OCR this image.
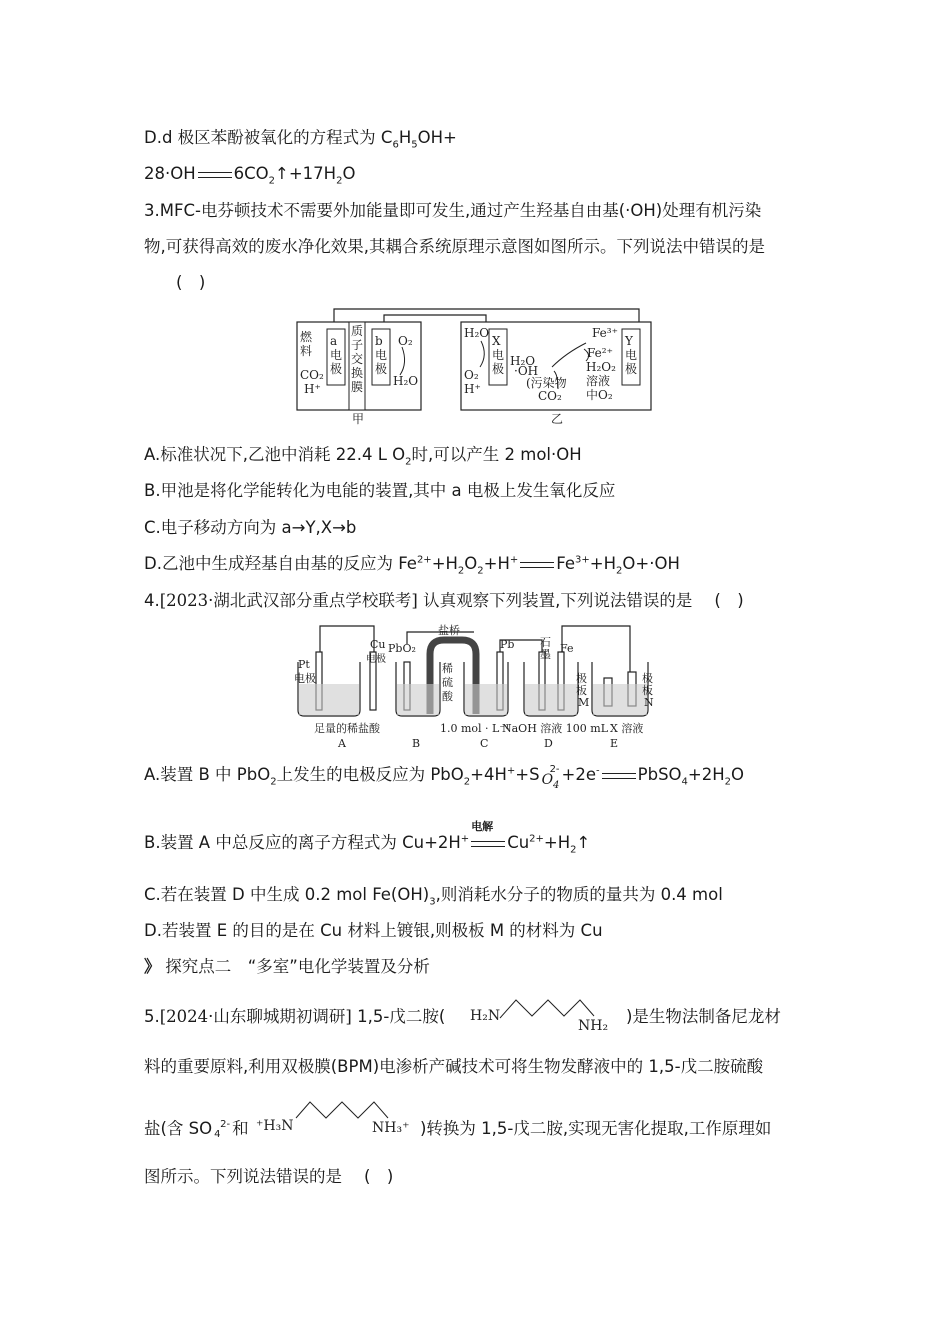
D.d 极区苯酚被氧化的方程式为 $C_6H_5OH+$
28·OH $6CO_2↑+17H_2O$
3.MFC-电芬顿技术不需要外加能量即可发生,通过产生羟基自由基(·OH)处理有机污染
物,可获得高效的废水净化效果,其耦合系统原理示意图如图所示。下列说法中错误的是
(　)
燃
料
CO₂
H⁺
a
电
极
质
子
交
换
膜
甲
b
电
极
O₂
H₂O
H₂O
X
电
极
O₂
H⁺
H₂O
·OH
(污染物
CO₂
Fe³⁺
Fe²⁺
H₂O₂
溶液
中O₂
Y
电
极
乙
A.标准状况下,乙池中消耗 22.4 L $O_2$时,可以产生 2 mol·OH
B.甲池是将化学能转化为电能的装置,其中 a 电极上发生氧化反应
C.电子移动方向为 a→Y,X→b
D.乙池中生成羟基自由基的反应为 $Fe^{2+}+H_2O_2+H^+$ $Fe^{3+}+H_2O+\cdot OH$
4.[2023·湖北武汉部分重点学校联考] 认真观察下列装置,下列说法错误的是 (　)
Pt
电极
Cu
电极
PbO₂
盐桥
稀
硫
酸
Pb 石
墨 Fe
极
板
M
极
板
N
足量的稀盐酸	1.0 mol · L⁻¹
NaOH 溶液 100 mL X 溶液
A	B	C	D	E
A.装置 B 中 PbO$_2$上发生的电极反应为 PbO$_2$+4H++S	2-
$O_4$
+2e- $PbSO_4+2H_2O$
B.装置 A 中总反应的离子方程式为 Cu+2H+
电解
$Cu^{2+}+H_2↑$
C.若在装置 D 中生成 0.2 mol $Fe(OH)_3$,则消耗水分子的物质的量共为 0.4 mol
D.若装置 E 的目的是在 Cu 材料上镀银,则极板 M 的材料为 Cu
》 探究点二　“多室”电化学装置及分析
5.[2024·山东聊城期初调研] 1,5-戊二胺( H₂N
NH₂ )是生物法制备尼龙材
料的重要原料,利用双极膜(BPM)电渗析产碱技术可将生物发酵液中的 1,5-戊二胺硫酸
盐(含 SO 2-
4 和 ⁺H₃N	NH₃⁺ )转换为 1,5-戊二胺,实现无害化提取,工作原理如
图所示。下列说法错误的是 (　)
